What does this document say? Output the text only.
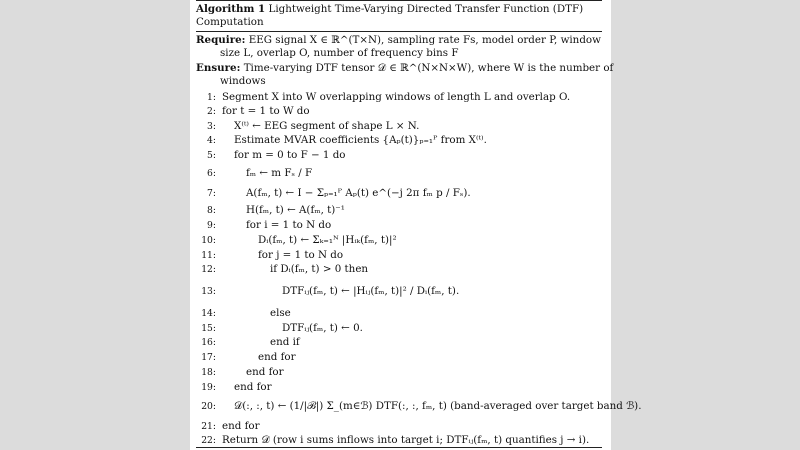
Algorithm 1 Lightweight Time-Varying Directed Transfer Function (DTF)
Computation
Require: EEG signal X ∈ ℝ^(T×N), sampling rate Fs, model order P, window
size L, overlap O, number of frequency bins F
Ensure: Time-varying DTF tensor 𝒟 ∈ ℝ^(N×N×W), where W is the number of
windows
1: Segment X into W overlapping windows of length L and overlap O.
2: for t = 1 to W do
3: X⁽ᵗ⁾ ← EEG segment of shape L × N.
4: Estimate MVAR coefficients {Aₚ(t)}ₚ₌₁ᴾ from X⁽ᵗ⁾.
5: for m = 0 to F − 1 do
6:	fₘ ← m Fₛ / F
7:	A(fₘ, t) ← I − Σₚ₌₁ᴾ Aₚ(t) e^(−j 2π fₘ p / Fₛ).
8:	H(fₘ, t) ← A(fₘ, t)⁻¹
9:	for i = 1 to N do
10:	Dᵢ(fₘ, t) ← Σₖ₌₁ᴺ |Hᵢₖ(fₘ, t)|²
11:	for j = 1 to N do
12:	if Dᵢ(fₘ, t) > 0 then
13:	DTFᵢⱼ(fₘ, t) ← |Hᵢⱼ(fₘ, t)|² / Dᵢ(fₘ, t).
14:	else
15:	DTFᵢⱼ(fₘ, t) ← 0.
16:	end if
17:	end for
18:	end for
19: end for
20: 𝒟(:, :, t) ← (1/|ℬ|) Σ_(m∈ℬ) DTF(:, :, fₘ, t) (band-averaged over target band ℬ).
21: end for
22: Return 𝒟 (row i sums inflows into target i; DTFᵢⱼ(fₘ, t) quantifies j → i).
